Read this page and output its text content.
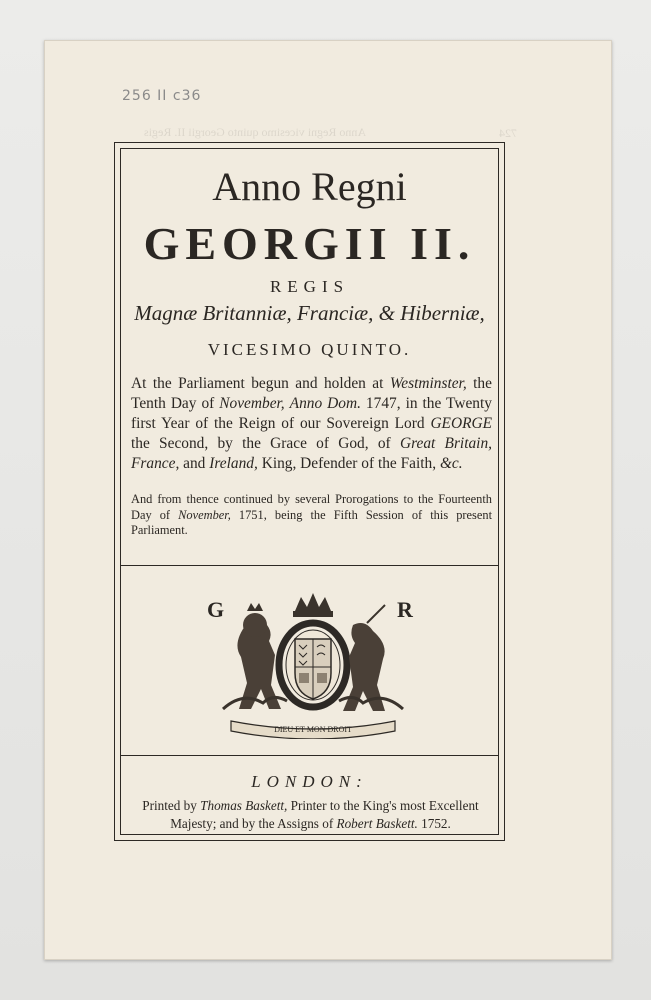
Anno Regni vicesimo quinto Georgii II. Regis	724
256 II c36
Anno Regni
GEORGII II.
REGIS
Magnæ Britanniæ, Franciæ, & Hiberniæ,
VICESIMO QUINTO.
At the Parliament begun and holden at Westminster, the Tenth Day of November, Anno Dom. 1747, in the Twenty first Year of the Reign of our Sovereign Lord GEORGE the Second, by the Grace of God, of Great Britain, France, and Ireland, King, Defender of the Faith, &c.
And from thence continued by several Prorogations to the Fourteenth Day of November, 1751, being the Fifth Session of this present Parliament.
G	R
DIEU ET MON DROIT
LONDON:
Printed by Thomas Baskett, Printer to the King's most Excellent Majesty; and by the Assigns of Robert Baskett. 1752.
